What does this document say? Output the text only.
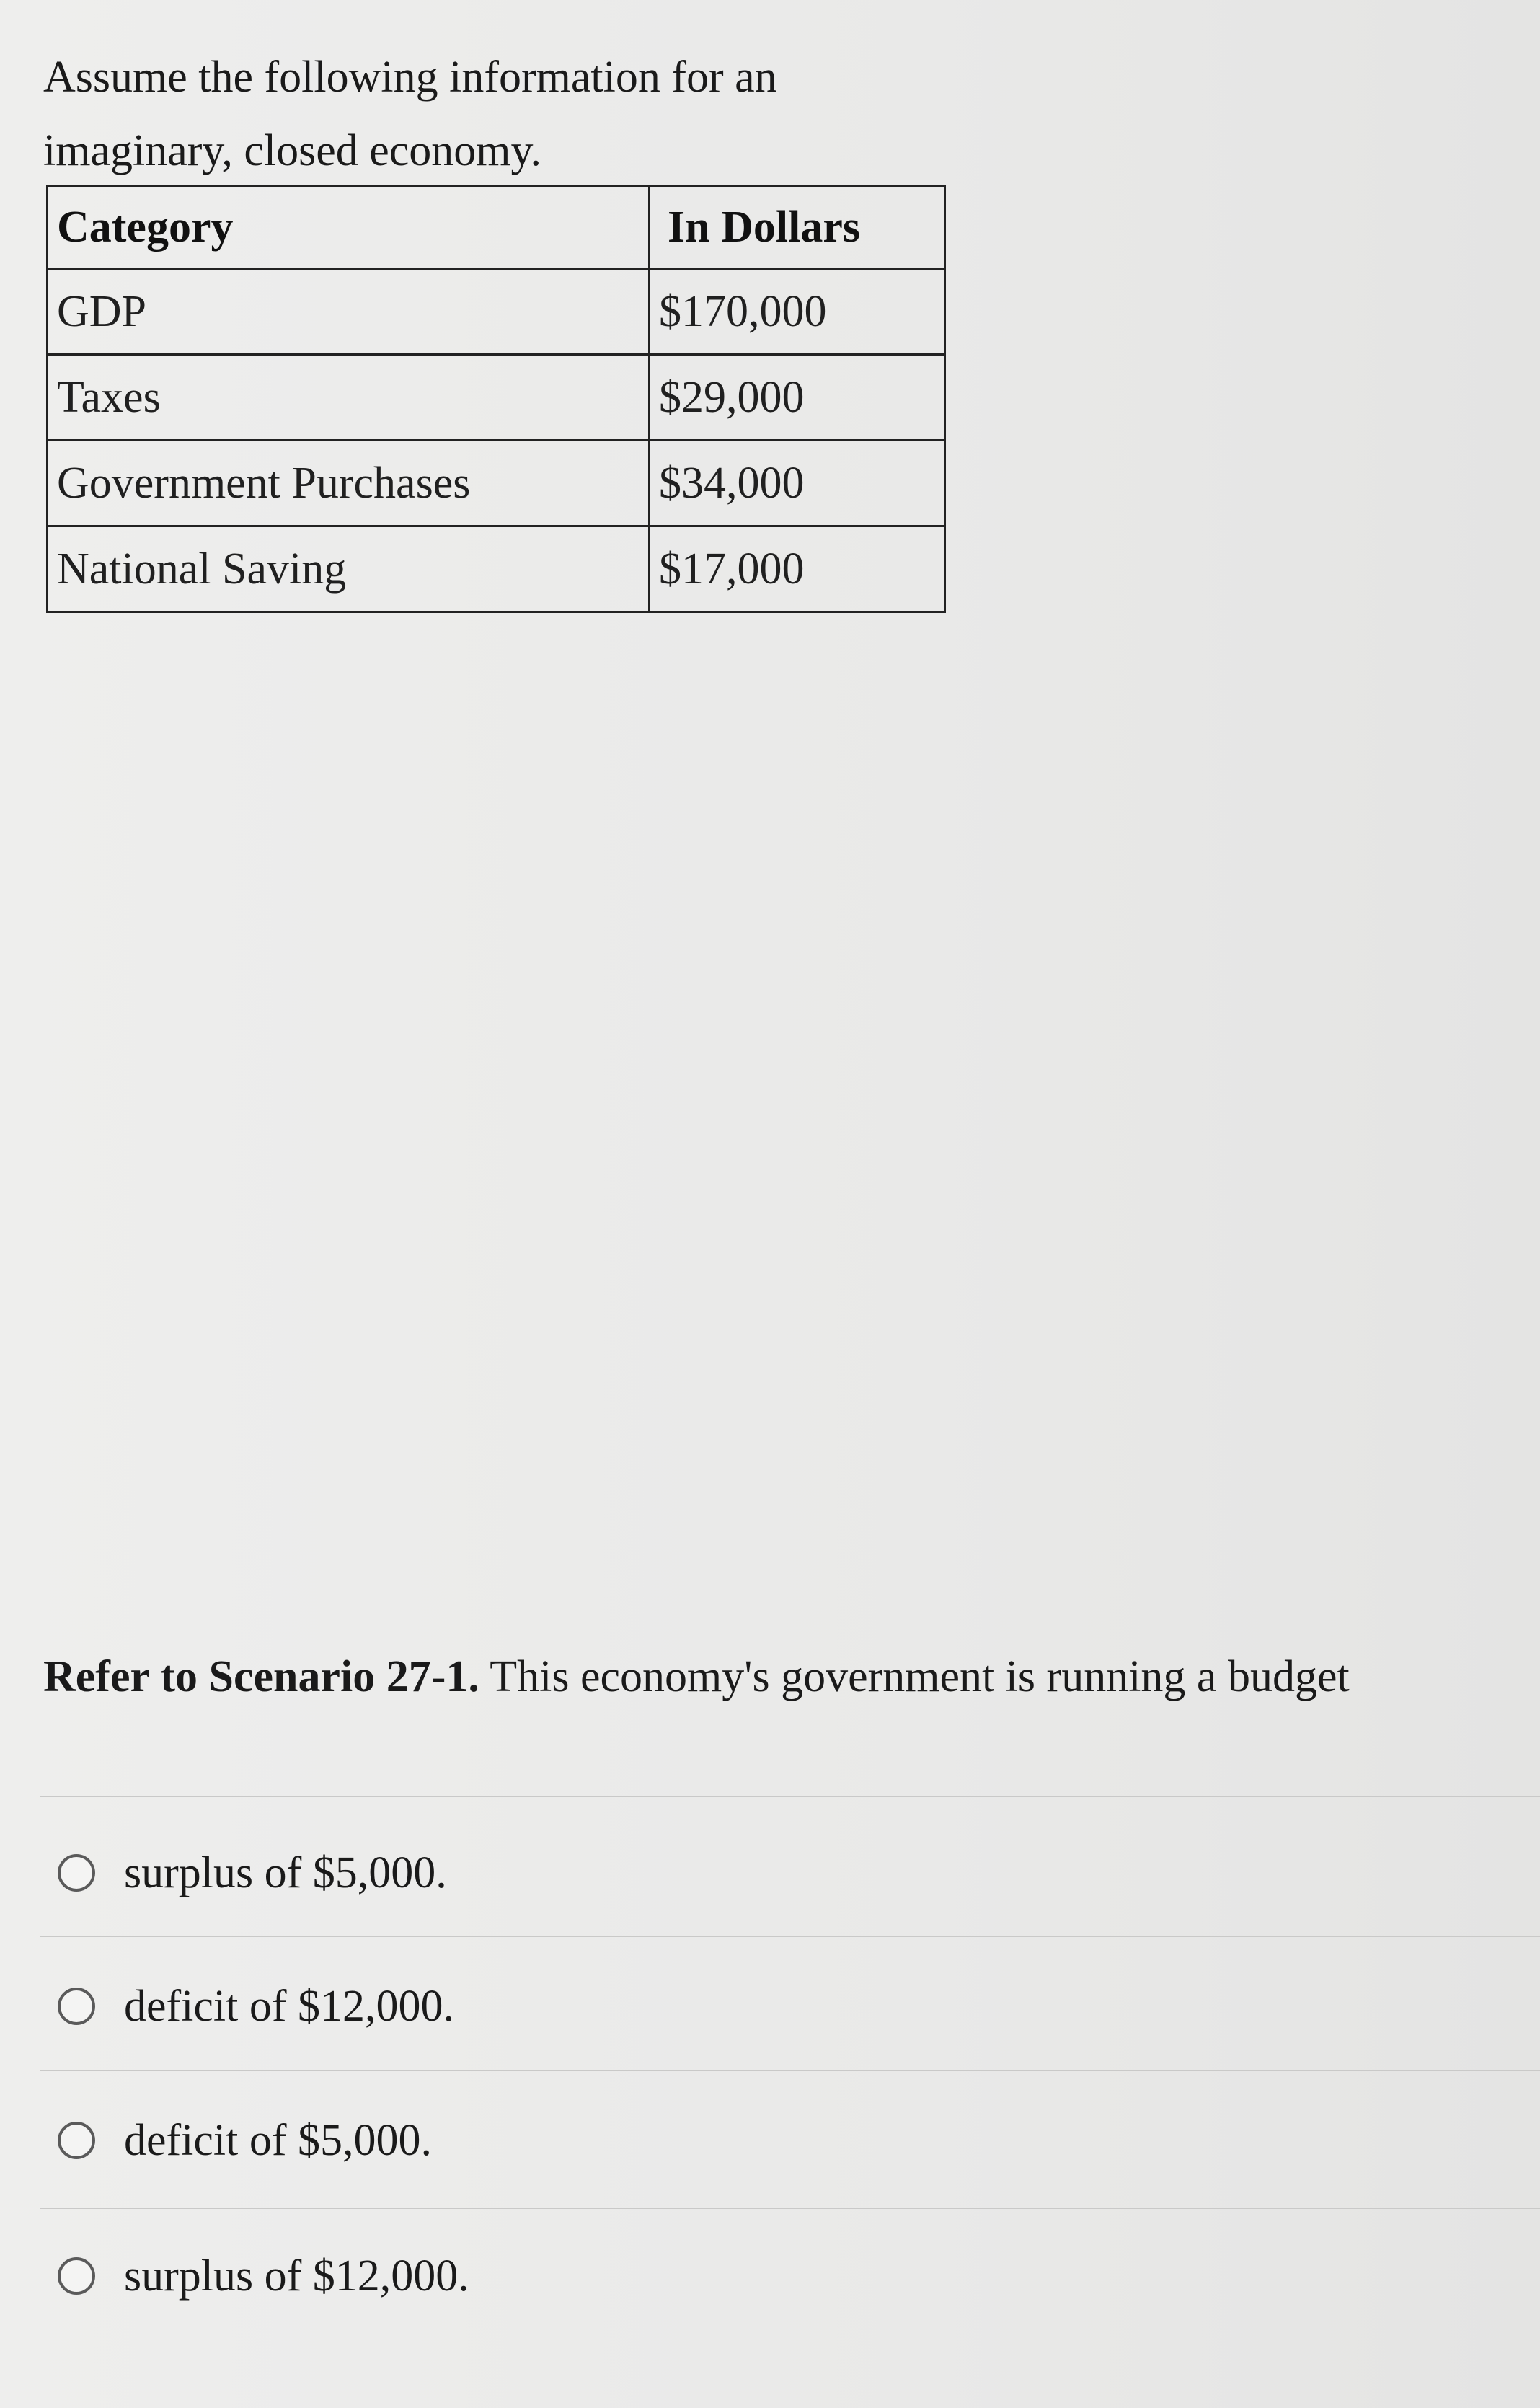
Assume the following information for an
imaginary, closed economy.
Category	In Dollars
GDP	$170,000
Taxes	$29,000
Government Purchases	$34,000
National Saving	$17,000
Refer to Scenario 27-1. This economy's government is running a budget
surplus of $5,000.
deficit of $12,000.
deficit of $5,000.
surplus of $12,000.
